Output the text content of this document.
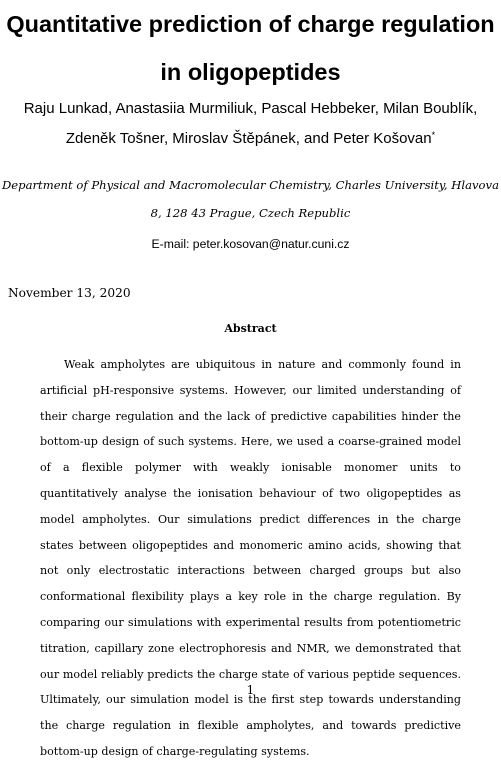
Quantitative prediction of charge regulation in oligopeptides
Raju Lunkad, Anastasiia Murmiliuk, Pascal Hebbeker, Milan Boublík, Zdeněk Tošner, Miroslav Štěpánek, and Peter Košovan*
Department of Physical and Macromolecular Chemistry, Charles University, Hlavova 8, 128 43 Prague, Czech Republic
E-mail: peter.kosovan@natur.cuni.cz
November 13, 2020
Abstract
Weak ampholytes are ubiquitous in nature and commonly found in artificial pH-responsive systems. However, our limited understanding of their charge regulation and the lack of predictive capabilities hinder the bottom-up design of such systems. Here, we used a coarse-grained model of a flexible polymer with weakly ionisable monomer units to quantitatively analyse the ionisation behaviour of two oligopeptides as model ampholytes. Our simulations predict differences in the charge states between oligopeptides and monomeric amino acids, showing that not only electrostatic interactions between charged groups but also conformational flexibility plays a key role in the charge regulation. By comparing our simulations with experimental results from potentiometric titration, capillary zone electrophoresis and NMR, we demonstrated that our model reliably predicts the charge state of various peptide sequences. Ultimately, our simulation model is the first step towards understanding the charge regulation in flexible ampholytes, and towards predictive bottom-up design of charge-regulating systems.
1
